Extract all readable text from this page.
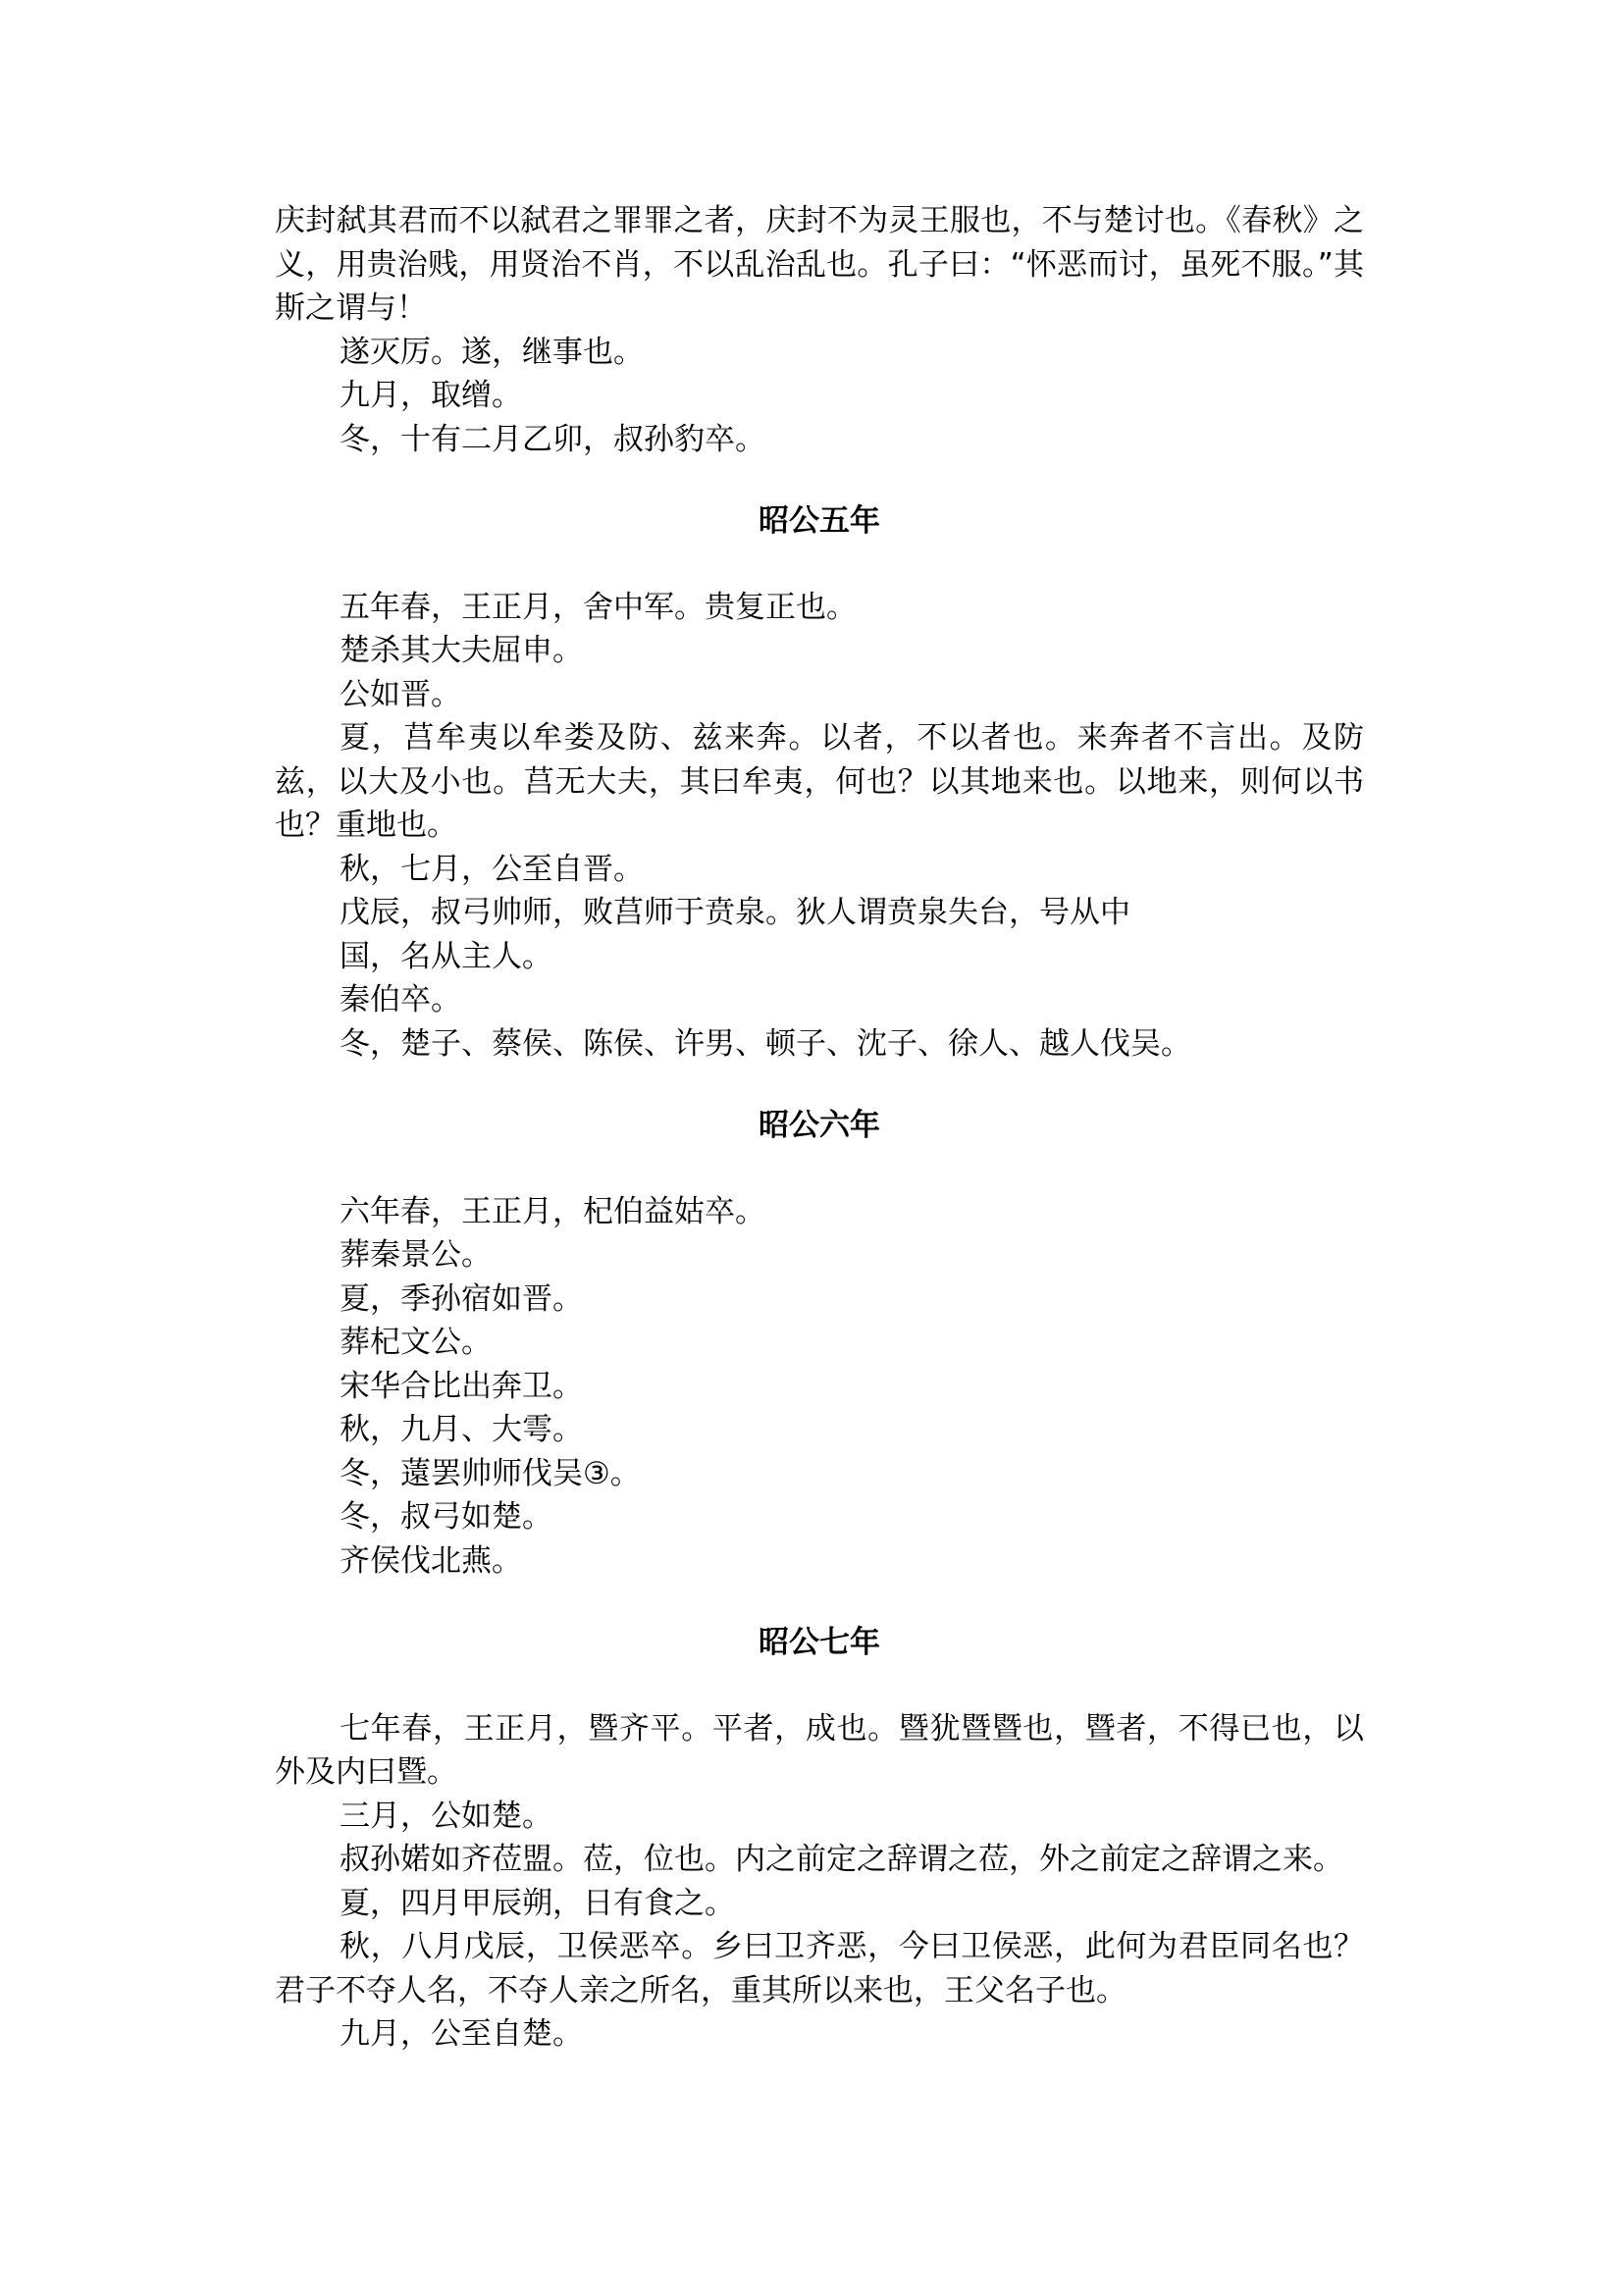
庆封弑其君而不以弑君之罪罪之者，庆封不为灵王服也，不与楚讨也。《春秋》之义，用贵治贱，用贤治不肖，不以乱治乱也。孔子曰：“怀恶而讨，虽死不服。”其斯之谓与！

遂灭厉。遂，继事也。

九月，取缯。

冬，十有二月乙卯，叔孙豹卒。

昭公五年

五年春，王正月，舍中军。贵复正也。

楚杀其大夫屈申。

公如晋。

夏，莒牟夷以牟娄及防、兹来奔。以者，不以者也。来奔者不言出。及防兹，以大及小也。莒无大夫，其曰牟夷，何也？以其地来也。以地来，则何以书也？重地也。

秋，七月，公至自晋。

戊辰，叔弓帅师，败莒师于贲泉。狄人谓贲泉失台，号从中

国，名从主人。

秦伯卒。

冬，楚子、蔡侯、陈侯、许男、顿子、沈子、徐人、越人伐吴。

昭公六年

六年春，王正月，杞伯益姑卒。

葬秦景公。

夏，季孙宿如晋。

葬杞文公。

宋华合比出奔卫。

秋，九月、大雩。

冬，薳罢帅师伐吴③。

冬，叔弓如楚。

齐侯伐北燕。

昭公七年

七年春，王正月，暨齐平。平者，成也。暨犹暨暨也，暨者，不得已也，以外及内曰暨。

三月，公如楚。

叔孙婼如齐莅盟。莅，位也。内之前定之辞谓之莅，外之前定之辞谓之来。

夏，四月甲辰朔，日有食之。

秋，八月戊辰，卫侯恶卒。乡曰卫齐恶，今曰卫侯恶，此何为君臣同名也？君子不夺人名，不夺人亲之所名，重其所以来也，王父名子也。

九月，公至自楚。
